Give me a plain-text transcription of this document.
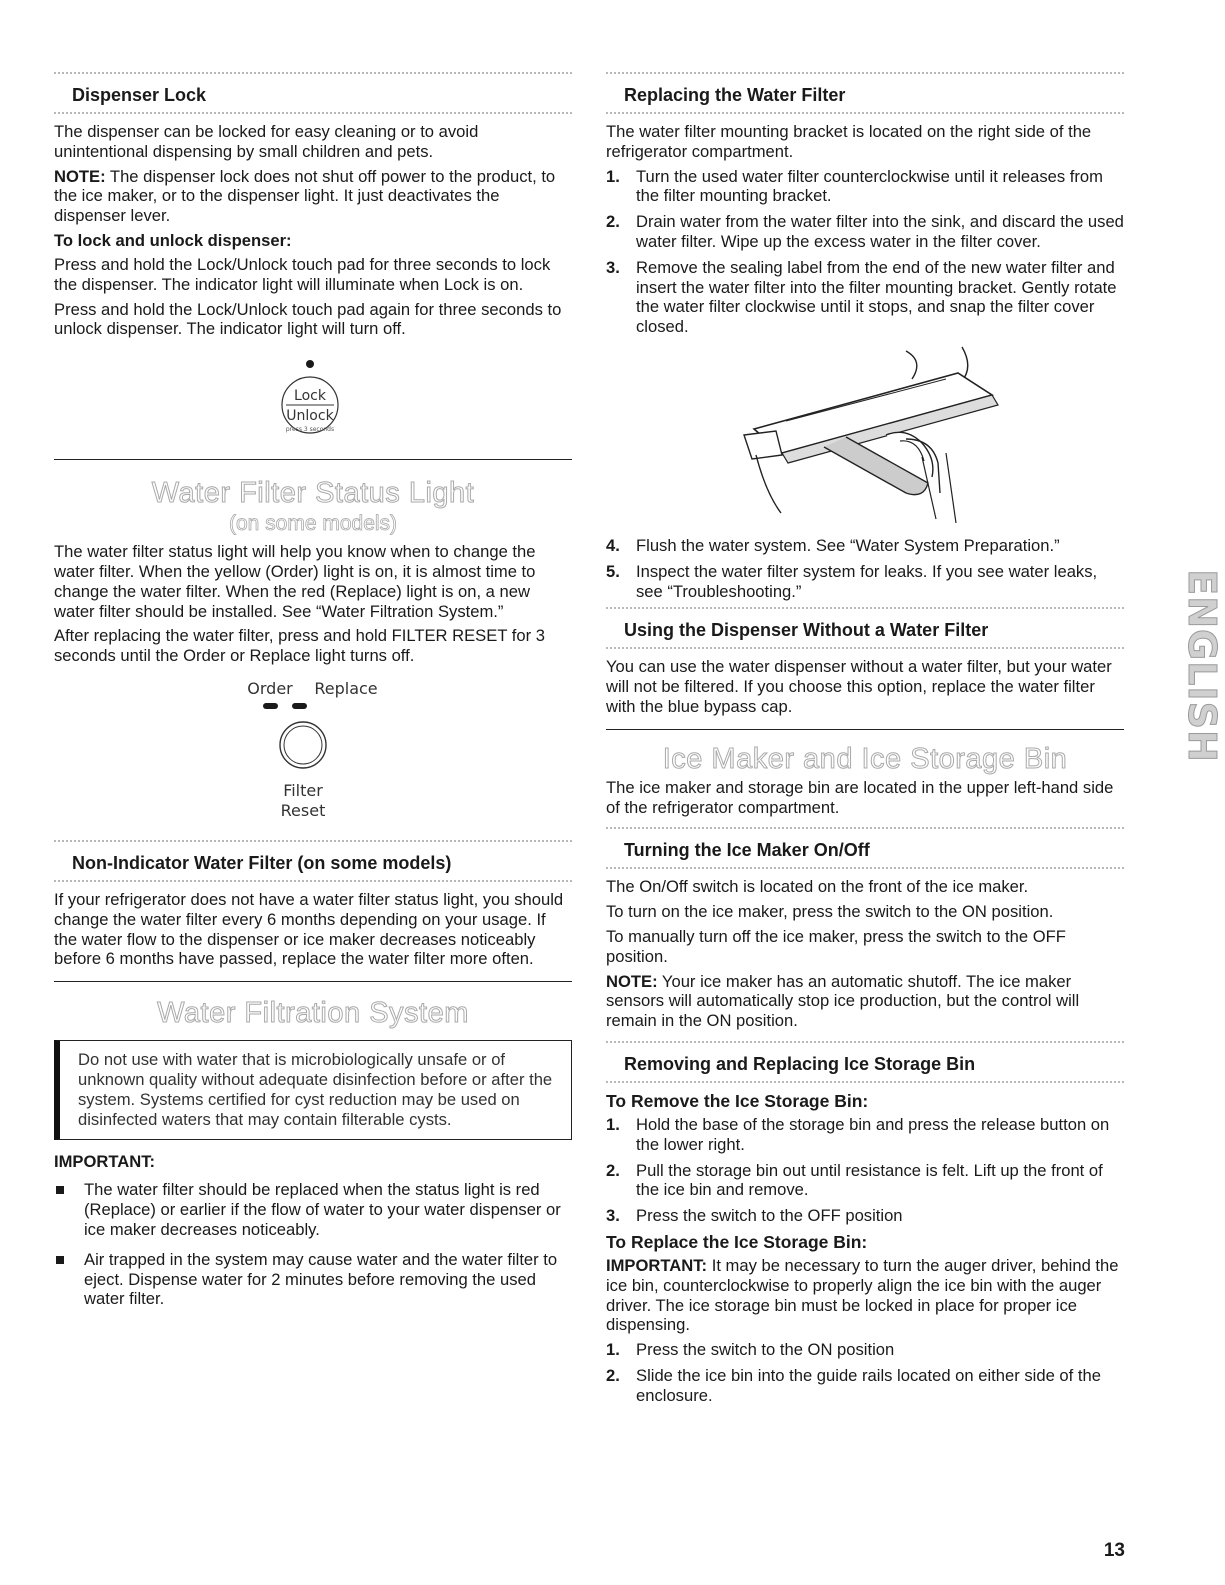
Dispenser Lock

The dispenser can be locked for easy cleaning or to avoid unintentional dispensing by small children and pets.

NOTE: The dispenser lock does not shut off power to the product, to the ice maker, or to the dispenser light. It just deactivates the dispenser lever.

To lock and unlock dispenser:

Press and hold the Lock/Unlock touch pad for three seconds to lock the dispenser. The indicator light will illuminate when Lock is on.

Press and hold the Lock/Unlock touch pad again for three seconds to unlock dispenser. The indicator light will turn off.

Lock
Unlock
press 3 seconds
Water Filter Status Light
(on some models)

The water filter status light will help you know when to change the water filter. When the yellow (Order) light is on, it is almost time to change the water filter. When the red (Replace) light is on, a new water filter should be installed. See “Water Filtration System.”

After replacing the water filter, press and hold FILTER RESET for 3 seconds until the Order or Replace light turns off.

Order Replace
Filter
Reset
Non-Indicator Water Filter (on some models)

If your refrigerator does not have a water filter status light, you should change the water filter every 6 months depending on your usage. If the water flow to the dispenser or ice maker decreases noticeably before 6 months have passed, replace the water filter more often.

Water Filtration System
Do not use with water that is microbiologically unsafe or of unknown quality without adequate disinfection before or after the system. Systems certified for cyst reduction may be used on disinfected waters that may contain filterable cysts.
IMPORTANT:
The water filter should be replaced when the status light is red (Replace) or earlier if the flow of water to your water dispenser or ice maker decreases noticeably.
Air trapped in the system may cause water and the water filter to eject. Dispense water for 2 minutes before removing the used water filter.
Replacing the Water Filter

The water filter mounting bracket is located on the right side of the refrigerator compartment.

1. Turn the used water filter counterclockwise until it releases from the filter mounting bracket.
2. Drain water from the water filter into the sink, and discard the used water filter. Wipe up the excess water in the filter cover.
3. Remove the sealing label from the end of the new water filter and insert the water filter into the filter mounting bracket. Gently rotate the water filter clockwise until it stops, and snap the filter cover closed.
4. Flush the water system. See “Water System Preparation.”
5. Inspect the water filter system for leaks. If you see water leaks, see “Troubleshooting.”
Using the Dispenser Without a Water Filter

You can use the water dispenser without a water filter, but your water will not be filtered. If you choose this option, replace the water filter with the blue bypass cap.

Ice Maker and Ice Storage Bin

The ice maker and storage bin are located in the upper left-hand side of the refrigerator compartment.

Turning the Ice Maker On/Off

The On/Off switch is located on the front of the ice maker.

To turn on the ice maker, press the switch to the ON position.

To manually turn off the ice maker, press the switch to the OFF position.

NOTE: Your ice maker has an automatic shutoff. The ice maker sensors will automatically stop ice production, but the control will remain in the ON position.

Removing and Replacing Ice Storage Bin
To Remove the Ice Storage Bin:
1. Hold the base of the storage bin and press the release button on the lower right.
2. Pull the storage bin out until resistance is felt. Lift up the front of the ice bin and remove.
3. Press the switch to the OFF position
To Replace the Ice Storage Bin:

IMPORTANT: It may be necessary to turn the auger driver, behind the ice bin, counterclockwise to properly align the ice bin with the auger driver. The ice storage bin must be locked in place for proper ice dispensing.

1. Press the switch to the ON position
2. Slide the ice bin into the guide rails located on either side of the enclosure.
ENGLISH
13
